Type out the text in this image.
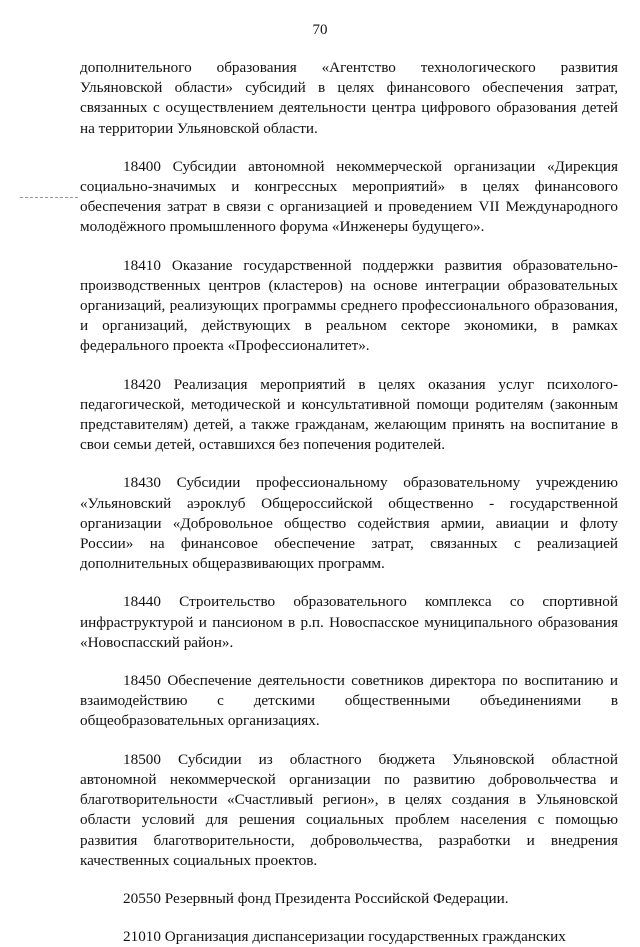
70

дополнительного образования «Агентство технологического развития Ульяновской области» субсидий в целях финансового обеспечения затрат, связанных с осуществлением деятельности центра цифрового образования детей на территории Ульяновской области.

18400 Субсидии автономной некоммерческой организации «Дирекция социально-значимых и конгрессных мероприятий» в целях финансового обеспечения затрат в связи с организацией и проведением VII Международного молодёжного промышленного форума «Инженеры будущего».

18410 Оказание государственной поддержки развития образовательно-производственных центров (кластеров) на основе интеграции образовательных организаций, реализующих программы среднего профессионального образования, и организаций, действующих в реальном секторе экономики, в рамках федерального проекта «Профессионалитет».

18420 Реализация мероприятий в целях оказания услуг психолого-педагогической, методической и консультативной помощи родителям (законным представителям) детей, а также гражданам, желающим принять на воспитание в свои семьи детей, оставшихся без попечения родителей.

18430 Субсидии профессиональному образовательному учреждению «Ульяновский аэроклуб Общероссийской общественно - государственной организации «Добровольное общество содействия армии, авиации и флоту России» на финансовое обеспечение затрат, связанных с реализацией дополнительных общеразвивающих программ.

18440 Строительство образовательного комплекса со спортивной инфраструктурой и пансионом в р.п. Новоспасское муниципального образования «Новоспасский район».

18450 Обеспечение деятельности советников директора по воспитанию и взаимодействию с детскими общественными объединениями в общеобразовательных организациях.

18500 Субсидии из областного бюджета Ульяновской областной автономной некоммерческой организации по развитию добровольчества и благотворительности «Счастливый регион», в целях создания в Ульяновской области условий для решения социальных проблем населения с помощью развития благотворительности, добровольчества, разработки и внедрения качественных социальных проектов.

20550 Резервный фонд Президента Российской Федерации.

21010 Организация диспансеризации государственных гражданских
